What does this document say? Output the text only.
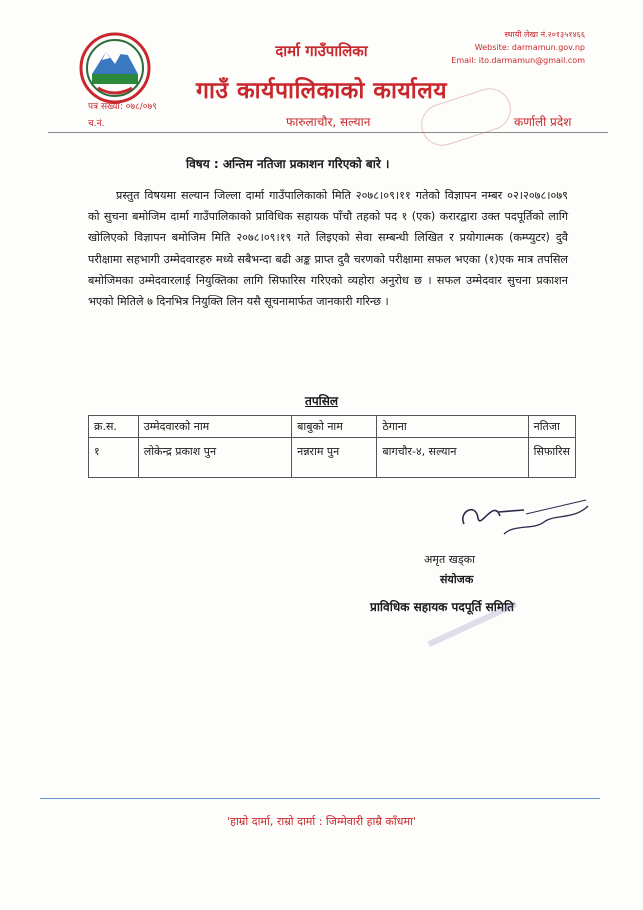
दार्मा गाउँपालिका
गाउँ कार्यपालिकाको कार्यालय
स्थायी लेखा नं.२०१३५१४६६
Website: darmamun.gov.np
Email: ito.darmamun@gmail.com
पत्र संख्या: ०७८/०७९
च.नं.	फारुलाचौर, सल्यान	कर्णाली प्रदेश
विषय : अन्तिम नतिजा प्रकाशन गरिएको बारे ।

प्रस्तुत विषयमा सल्यान जिल्ला दार्मा गाउँपालिकाको मिति २०७८।०९।११ गतेको विज्ञापन नम्बर ०२।२०७८।०७९ को सुचना बमोजिम दार्मा गाउँपालिकाको प्राविधिक सहायक पाँचौ तहको पद १ (एक) करारद्वारा उक्त पदपूर्तिको लागि खोलिएको विज्ञापन बमोजिम मिति २०७८।०९।१९ गते लिइएको सेवा सम्बन्धी लिखित र प्रयोगात्मक (कम्प्युटर) दुवै परीक्षामा सहभागी उम्मेदवारहरु मध्ये सबैभन्दा बढी अङ्क प्राप्त दुवै चरणको परीक्षामा सफल भएका (१)एक मात्र तपसिल बमोजिमका उम्मेदवारलाई नियुक्तिका लागि सिफारिस गरिएको व्यहोरा अनुरोध छ । सफल उम्मेदवार सुचना प्रकाशन भएको मितिले ७ दिनभित्र नियुक्ति लिन यसै सूचनामार्फत जानकारी गरिन्छ ।

तपसिल
क्र.स.	उम्मेदवारको नाम	बाबुको नाम	ठेगाना	नतिजा
१	लोकेन्द्र प्रकाश पुन	नन्नराम पुन	बागचौर-४, सल्यान	सिफारिस
अमृत खड्का
संयोजक
प्राविधिक सहायक पदपूर्ति समिति
'हाम्रो दार्मा, राम्रो दार्मा : जिम्मेवारी हाम्रै काँधमा'
